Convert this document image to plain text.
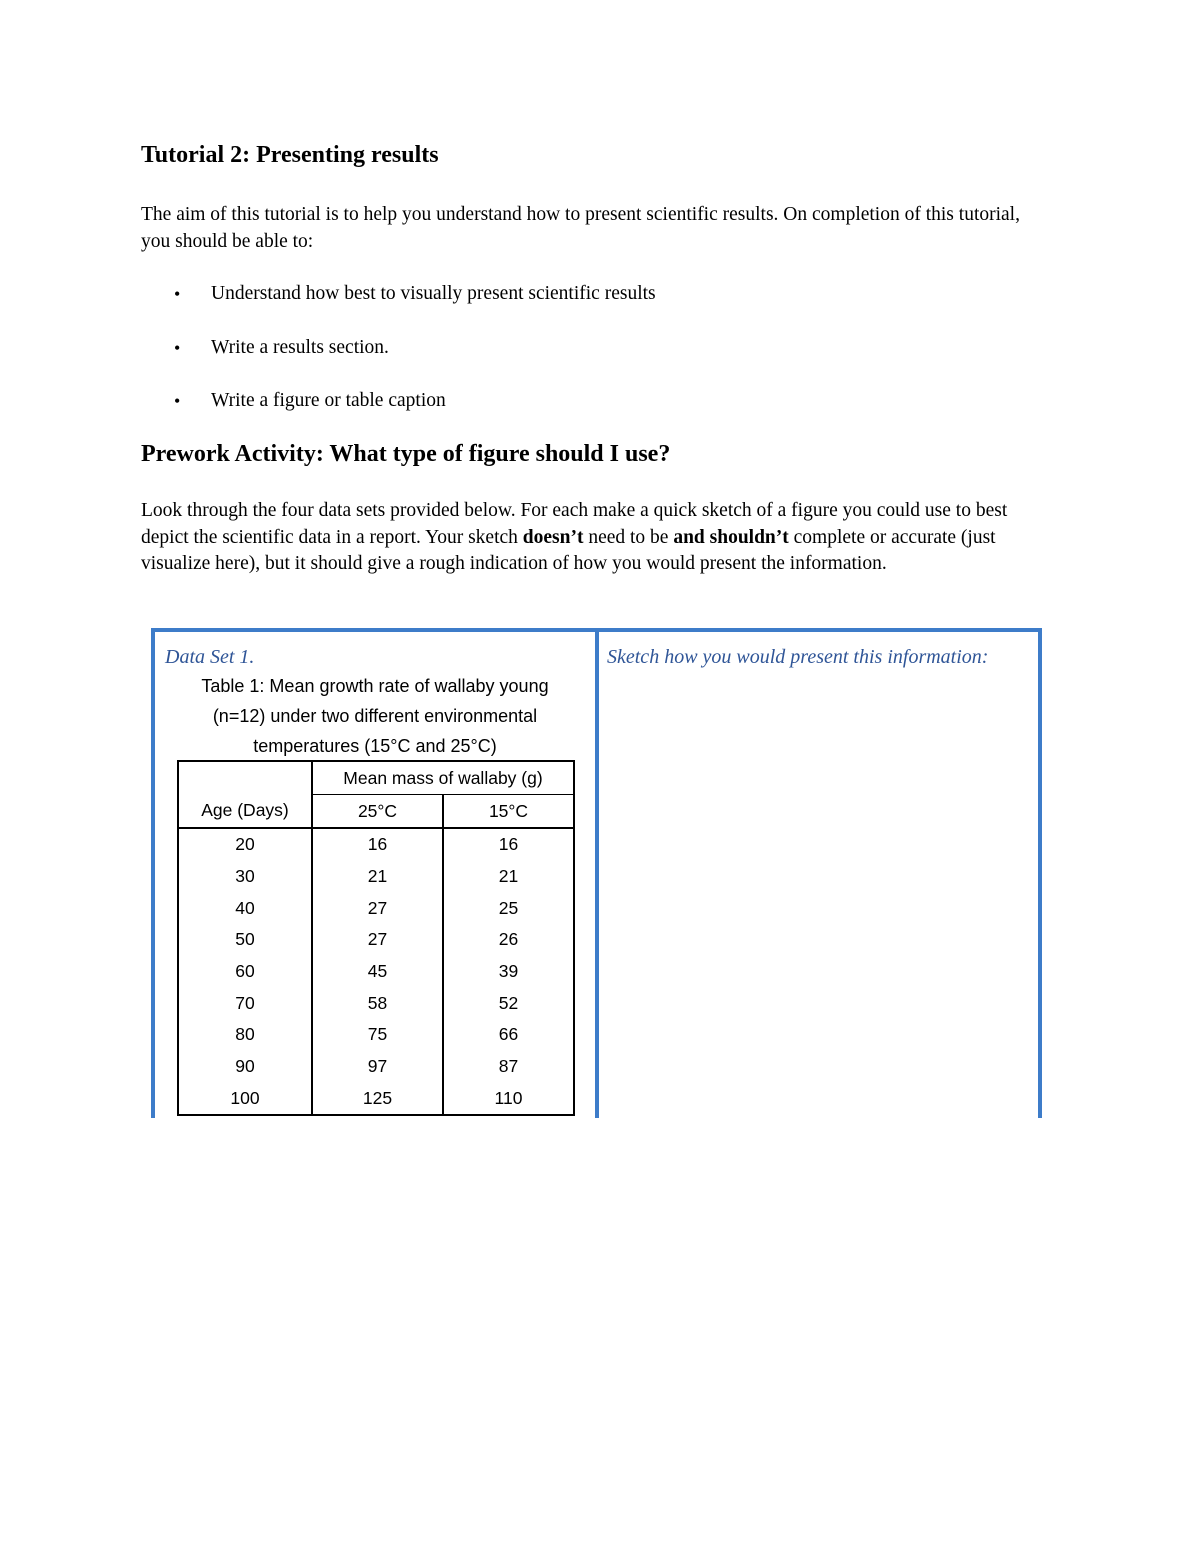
Tutorial 2: Presenting results

The aim of this tutorial is to help you understand how to present scientific results. On completion of this tutorial, you should be able to:

• Understand how best to visually present scientific results
• Write a results section.
• Write a figure or table caption
Prework Activity: What type of figure should I use?

Look through the four data sets provided below. For each make a quick sketch of a figure you could use to best depict the scientific data in a report. Your sketch doesn’t need to be and shouldn’t complete or accurate (just visualize here), but it should give a rough indication of how you would present the information.

Data Set 1.

Table 1: Mean growth rate of wallaby young (n=12) under two different environmental temperatures (15°C and 25°C)

	Mean mass of wallaby (g)	
Age (Days)	25°C	15°C
20	16	16
30	21	21
40	27	25
50	27	26
60	45	39
70	58	52
80	75	66
90	97	87
100	125	110

Sketch how you would present this information:
